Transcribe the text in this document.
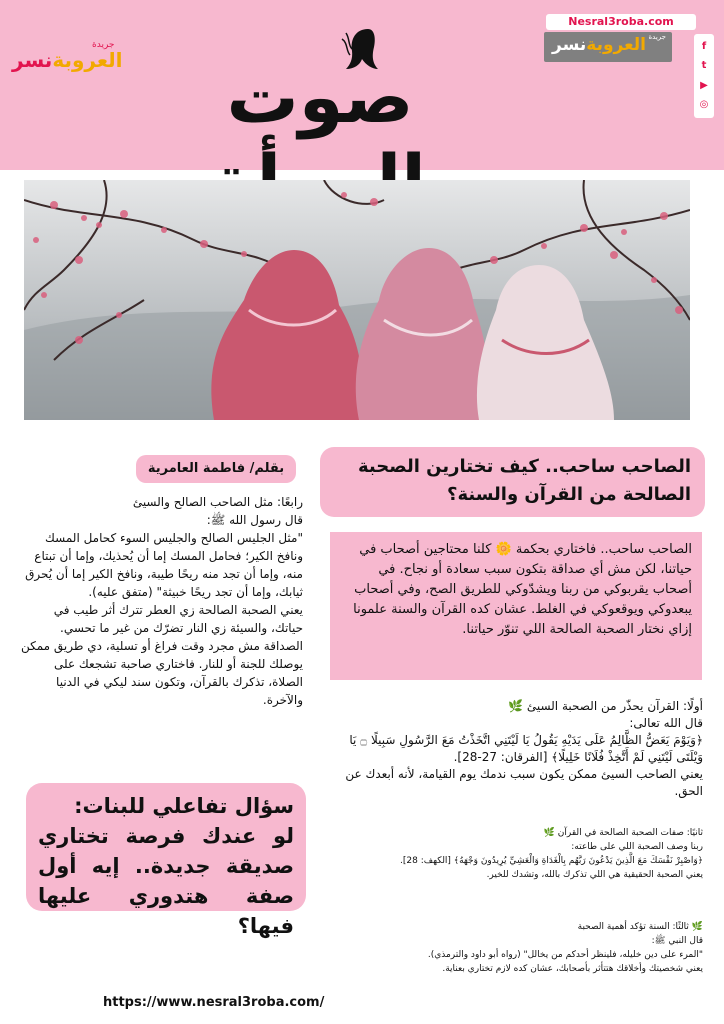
جريدة
العروبةنسر	صوت
Nesral3roba.com
جريدة
العروبةنسر	f
t
▶
◎
الصاحب ساحب.. كيف تختارين الصحبة الصالحة من القرآن والسنة؟

الصاحب ساحب.. فاختاري بحكمة 🌼 كلنا محتاجين أصحاب في حياتنا، لكن مش أي صداقة بتكون سبب سعادة أو نجاح. في أصحاب يقربوكي من ربنا ويشدّوكي للطريق الصح، وفي أصحاب يبعدوكي ويوقعوكي في الغلط. عشان كده القرآن والسنة علمونا إزاي نختار الصحبة الصالحة اللي تنوّر حياتنا.

أولًا: القرآن يحذّر من الصحبة السيئ 🌿

قال الله تعالى:

﴿وَيَوْمَ يَعَضُّ الظَّالِمُ عَلَى يَدَيْهِ يَقُولُ يَا لَيْتَنِي اتَّخَذْتُ مَعَ الرَّسُولِ سَبِيلًا ۝ يَا وَيْلَتَى لَيْتَنِي لَمْ أَتَّخِذْ فُلَانًا خَلِيلًا﴾ [الفرقان: 27-28].

يعني الصاحب السيئ ممكن يكون سبب ندمك يوم القيامة، لأنه أبعدك عن الحق.

ثانيًا: صفات الصحبة الصالحة في القرآن 🌿

ربنا وصف الصحبة اللي على طاعته:

﴿وَاصْبِرْ نَفْسَكَ مَعَ الَّذِينَ يَدْعُونَ رَبَّهُم بِالْغَدَاةِ وَالْعَشِيِّ يُرِيدُونَ وَجْهَهُ﴾ [الكهف: 28].

يعني الصحبة الحقيقية هي اللي تذكرك بالله، وتشدك للخير.

🌿 ثالثًا: السنة تؤكد أهمية الصحبة

قال النبي ﷺ:

"المرء على دين خليله، فلينظر أحدكم من يخالل" (رواه أبو داود والترمذي).

يعني شخصيتك وأخلاقك هتتأثر بأصحابك، عشان كده لازم تختاري بعناية.

بقلم/ فاطمة العامرية

رابعًا: مثل الصاحب الصالح والسيئ

قال رسول الله ﷺ:

"مثل الجليس الصالح والجليس السوء كحامل المسك ونافخ الكير؛ فحامل المسك إما أن يُحذيك، وإما أن تبتاع منه، وإما أن تجد منه ريحًا طيبة، ونافخ الكير إما أن يُحرق ثيابك، وإما أن تجد ريحًا خبيثة" (متفق عليه).

يعني الصحبة الصالحة زي العطر تترك أثر طيب في حياتك، والسيئة زي النار تضرّك من غير ما تحسي.

الصداقة مش مجرد وقت فراغ أو تسلية، دي طريق ممكن يوصلك للجنة أو للنار. فاختاري صاحبة تشجعك على الصلاة، تذكرك بالقرآن، وتكون سند ليكي في الدنيا والآخرة.

سؤال تفاعلي للبنات:

لو عندك فرصة تختاري صديقة جديدة.. إيه أول صفة هتدوري عليها فيها؟

https://www.nesral3roba.com/
